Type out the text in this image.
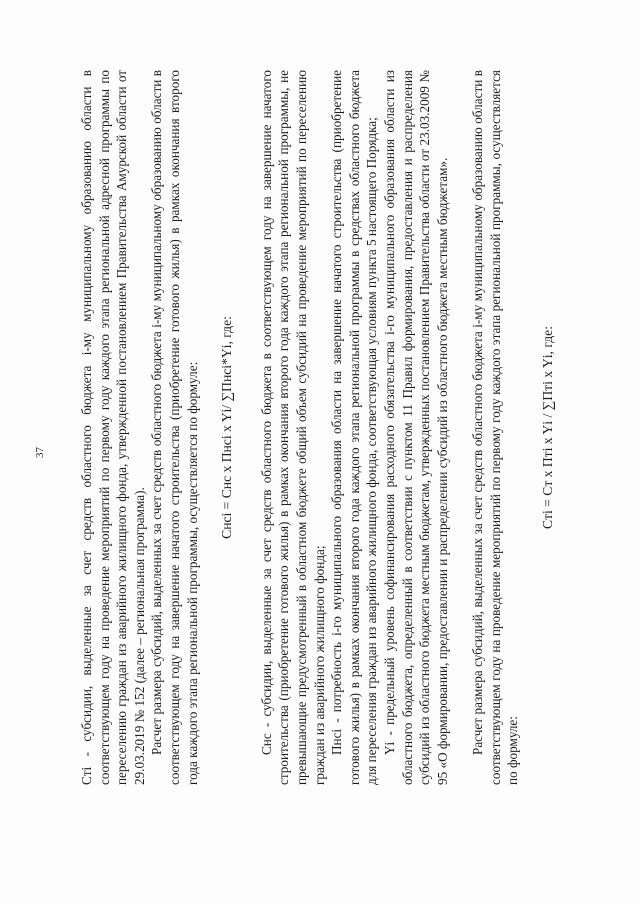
37	Cті - субсидии, выделенные за счет средств областного бюджета i-му муниципальному образованию области в соответствующем году на проведение мероприятий по первому году каждого этапа региональной адресной программы по переселению граждан из аварийного жилищного фонда, утвержденной постановлением Правительства Амурской области от 29.03.2019 № 152 (далее – региональная программа). Расчет размера субсидий, выделенных за счет средств областного бюджета i-му муниципальному образованию области в соответствующем году на завершение начатого строительства (приобретение готового жилья) в рамках окончания второго года каждого этапа региональной программы, осуществляется по формуле: Cнсі = Cнс x Пнсі x Yі/ ∑Пнсі*Yі, где: Cнс - субсидии, выделенные за счет средств областного бюджета в соответствующем году на завершение начатого строительства (приобретение готового жилья) в рамках окончания второго года каждого этапа региональной программы, не превышающие предусмотренный в областном бюджете общий объем субсидий на проведение мероприятий по переселению граждан из аварийного жилищного фонда; Пнсі - потребность i-го муниципального образования области на завершение начатого строительства (приобретение готового жилья) в рамках окончания второго года каждого этапа региональной программы в средствах областного бюджета для переселения граждан из аварийного жилищного фонда, соответствующая условиям пункта 5 настоящего Порядка; Yі - предельный уровень софинансирования расходного обязательства i-го муниципального образования области из областного бюджета, определенный в соответствии с пунктом 11 Правил формирования, предоставления и распределения субсидий из областного бюджета местным бюджетам, утвержденных постановлением Правительства области от 23.03.2009 № 95 «О формировании, предоставлении и распределении субсидий из областного бюджета местным бюджетам». Расчет размера субсидий, выделенных за счет средств областного бюджета i-му муниципальному образованию области в соответствующем году на проведение мероприятий по первому году каждого этапа региональной программы, осуществляется по формуле:

Cті = Cт x Пті x Yі / ∑Пті x Yі, где:
